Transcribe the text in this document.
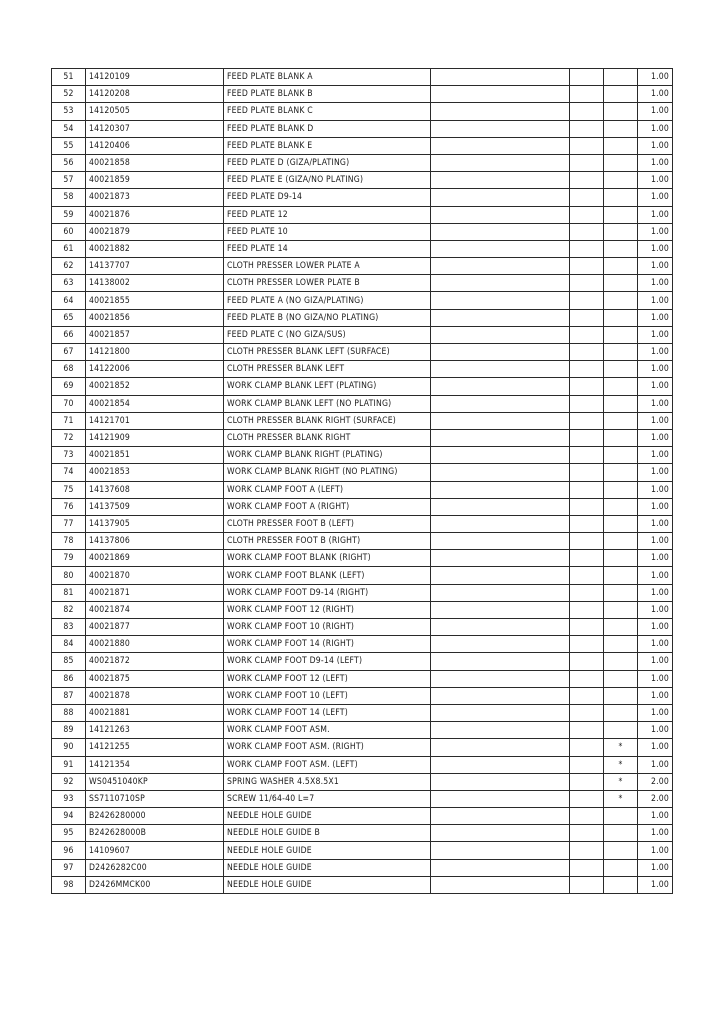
51	14120109	FEED PLATE BLANK A				1.00
52	14120208	FEED PLATE BLANK B				1.00
53	14120505	FEED PLATE BLANK C				1.00
54	14120307	FEED PLATE BLANK D				1.00
55	14120406	FEED PLATE BLANK E				1.00
56	40021858	FEED PLATE D (GIZA/PLATING)				1.00
57	40021859	FEED PLATE E (GIZA/NO PLATING)				1.00
58	40021873	FEED PLATE D9-14				1.00
59	40021876	FEED PLATE 12				1.00
60	40021879	FEED PLATE 10				1.00
61	40021882	FEED PLATE 14				1.00
62	14137707	CLOTH PRESSER LOWER PLATE A				1.00
63	14138002	CLOTH PRESSER LOWER PLATE B				1.00
64	40021855	FEED PLATE A (NO GIZA/PLATING)				1.00
65	40021856	FEED PLATE B (NO GIZA/NO PLATING)				1.00
66	40021857	FEED PLATE C (NO GIZA/SUS)				1.00
67	14121800	CLOTH PRESSER BLANK LEFT (SURFACE)				1.00
68	14122006	CLOTH PRESSER BLANK LEFT				1.00
69	40021852	WORK CLAMP BLANK LEFT (PLATING)				1.00
70	40021854	WORK CLAMP BLANK LEFT (NO PLATING)				1.00
71	14121701	CLOTH PRESSER BLANK RIGHT (SURFACE)				1.00
72	14121909	CLOTH PRESSER BLANK RIGHT				1.00
73	40021851	WORK CLAMP BLANK RIGHT (PLATING)				1.00
74	40021853	WORK CLAMP BLANK RIGHT (NO PLATING)				1.00
75	14137608	WORK CLAMP FOOT A (LEFT)				1.00
76	14137509	WORK CLAMP FOOT A (RIGHT)				1.00
77	14137905	CLOTH PRESSER FOOT B (LEFT)				1.00
78	14137806	CLOTH PRESSER FOOT B (RIGHT)				1.00
79	40021869	WORK CLAMP FOOT BLANK (RIGHT)				1.00
80	40021870	WORK CLAMP FOOT BLANK (LEFT)				1.00
81	40021871	WORK CLAMP FOOT D9-14 (RIGHT)				1.00
82	40021874	WORK CLAMP FOOT 12 (RIGHT)				1.00
83	40021877	WORK CLAMP FOOT 10 (RIGHT)				1.00
84	40021880	WORK CLAMP FOOT 14 (RIGHT)				1.00
85	40021872	WORK CLAMP FOOT D9-14 (LEFT)				1.00
86	40021875	WORK CLAMP FOOT 12 (LEFT)				1.00
87	40021878	WORK CLAMP FOOT 10 (LEFT)				1.00
88	40021881	WORK CLAMP FOOT 14 (LEFT)				1.00
89	14121263	WORK CLAMP FOOT ASM.				1.00
90	14121255	WORK CLAMP FOOT ASM. (RIGHT)			*	1.00
91	14121354	WORK CLAMP FOOT ASM. (LEFT)			*	1.00
92	WS0451040KP	SPRING WASHER 4.5X8.5X1			*	2.00
93	SS7110710SP	SCREW 11/64-40 L=7			*	2.00
94	B2426280000	NEEDLE HOLE GUIDE				1.00
95	B242628000B	NEEDLE HOLE GUIDE B				1.00
96	14109607	NEEDLE HOLE GUIDE				1.00
97	D2426282C00	NEEDLE HOLE GUIDE				1.00
98	D2426MMCK00	NEEDLE HOLE GUIDE				1.00
